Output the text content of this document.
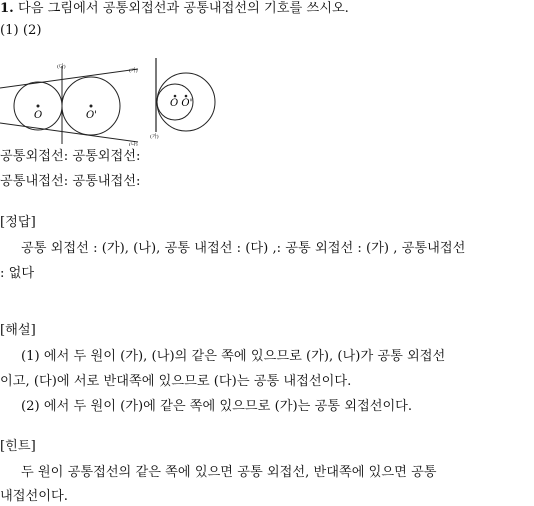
1. 다음 그림에서 공통외접선과 공통내접선의 기호를 쓰시오.
(1) (2)
O	O'
(다)
(가)
(나)
O O'
(가)
공통외접선: 공통외접선:
공통내접선: 공통내접선:
[정답]
공통 외접선 : (가), (나), 공통 내접선 : (다) ,: 공통 외접선 : (가) , 공통내접선
: 없다
[해설]
(1) 에서 두 원이 (가), (나)의 같은 쪽에 있으므로 (가), (나)가 공통 외접선
이고, (다)에 서로 반대쪽에 있으므로 (다)는 공통 내접선이다.
(2) 에서 두 원이 (가)에 같은 쪽에 있으므로 (가)는 공통 외접선이다.
[힌트]
두 원이 공통접선의 같은 쪽에 있으면 공통 외접선, 반대쪽에 있으면 공통
내접선이다.
